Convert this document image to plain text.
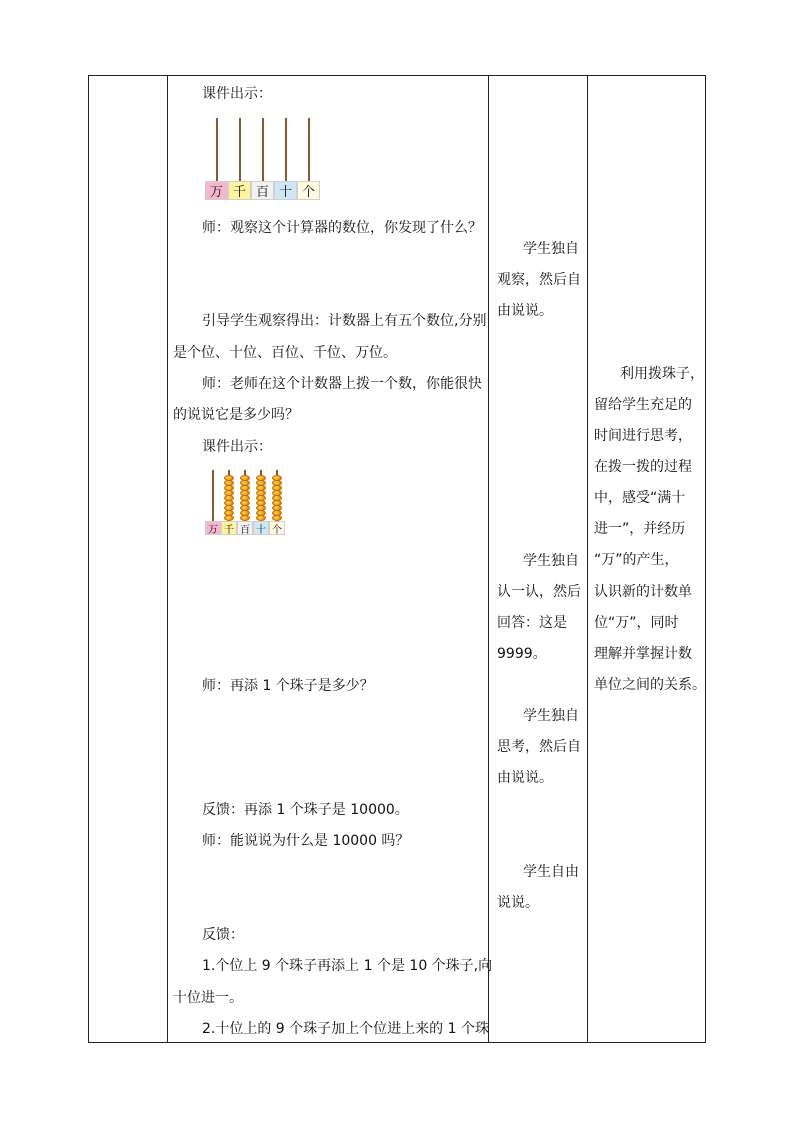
课件出示：
万 千 百 十 个
师：观察这个计算器的数位，你发现了什么？
引导学生观察得出：计数器上有五个数位,分别
是个位、十位、百位、千位、万位。
师：老师在这个计数器上拨一个数，你能很快
的说说它是多少吗？
课件出示：
万 千 百 十 个
师：再添 1 个珠子是多少？
反馈：再添 1 个珠子是 10000。
师：能说说为什么是 10000 吗？
反馈：
1.个位上 9 个珠子再添上 1 个是 10 个珠子,向
十位进一。
2.十位上的 9 个珠子加上个位进上来的 1 个珠
学生独自
观察，然后自
由说说。
学生独自
认一认，然后
回答：这是
9999。
学生独自
思考，然后自
由说说。
学生自由
说说。
利用拨珠子，
留给学生充足的
时间进行思考，
在拨一拨的过程
中，感受“满十
进一”，并经历
“万”的产生，
认识新的计数单
位“万”，同时
理解并掌握计数
单位之间的关系。
